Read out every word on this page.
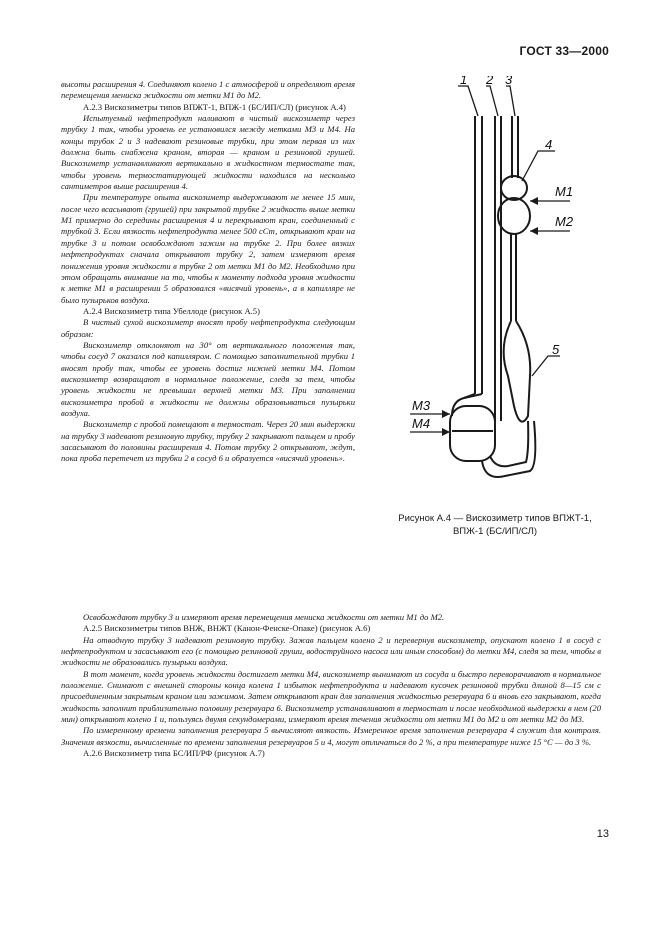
ГОСТ 33—2000

высоты расширения 4. Соединяют колено 1 с атмосферой и определяют время перемещения мениска жидкости от метки M1 до M2.

А.2.3 Вискозиметры типов ВПЖТ-1, ВПЖ-1 (БС/ИП/СЛ) (рисунок А.4)

Испытуемый нефтепродукт наливают в чистый вискозиметр через трубку 1 так, чтобы уровень ее установился между метками M3 и M4. На концы трубок 2 и 3 надевают резиновые трубки, при этом первая из них должна быть снабжена краном, вторая — краном и резиновой грушей. Вискозиметр устанавливают вертикально в жидкостном термостате так, чтобы уровень термостатирующей жидкости находился на несколько сантиметров выше расширения 4.

При температуре опыта вискозиметр выдерживают не менее 15 мин, после чего всасывают (грушей) при закрытой трубке 2 жидкость выше метки M1 примерно до середины расширения 4 и перекрывают кран, соединенный с трубкой 3. Если вязкость нефтепродукта менее 500 сСт, открывают кран на трубке 3 и потом освобождают зажим на трубке 2. При более вязких нефтепродуктах сначала открывают трубку 2, затем измеряют время понижения уровня жидкости в трубке 2 от метки M1 до M2. Необходимо при этом обращать внимание на то, чтобы к моменту подхода уровня жидкости к метке M1 в расширении 5 образовался «висячий уровень», а в капилляре не было пузырьков воздуха.

А.2.4 Вискозиметр типа Убеллоде (рисунок А.5)

В чистый сухой вискозиметр вносят пробу нефтепродукта следующим образом:

Вискозиметр отклоняют на 30° от вертикального положения так, чтобы сосуд 7 оказался под капилляром. С помощью заполнительной трубки 1 вносят пробу так, чтобы ее уровень достиг нижней метки M4. Потом вискозиметр возвращают в нормальное положение, следя за тем, чтобы уровень жидкости не превышал верхней метки M3. При заполнении вискозиметра пробой в жидкости не должны образовываться пузырьки воздуха.

Вискозиметр с пробой помещают в термостат. Через 20 мин выдержки на трубку 3 надевают резиновую трубку, трубку 2 закрывают пальцем и пробу засасывают до половины расширения 4. Потом трубку 2 открывают, ждут, пока проба перетечет из трубки 2 в сосуд 6 и образуется «висячий уровень».

1 2 3
4
5
M1
M2
M3
M4
Рисунок А.4 — Вискозиметр типов ВПЖТ-1,
ВПЖ-1 (БС/ИП/СЛ)

Освобождают трубку 3 и измеряют время перемещения мениска жидкости от метки M1 до M2.

А.2.5 Вискозиметры типов ВНЖ, ВНЖТ (Канон-Фенске-Опаке) (рисунок А.6)

На отводную трубку 3 надевают резиновую трубку. Зажав пальцем колено 2 и перевернув вискозиметр, опускают колено 1 в сосуд с нефтепродуктом и засасывают его (с помощью резиновой груши, водоструйного насоса или иным способом) до метки M4, следя за тем, чтобы в жидкости не образовались пузырьки воздуха.

В тот момент, когда уровень жидкости достигает метки M4, вискозиметр вынимают из сосуда и быстро переворачивают в нормальное положение. Снимают с внешней стороны конца колена 1 избыток нефтепродукта и надевают кусочек резиновой трубки длиной 8—15 см с присоединенным закрытым краном или зажимом. Затем открывают кран для заполнения жидкостью резервуара 6 и вновь его закрывают, когда жидкость заполнит приблизительно половину резервуара 6. Вискозиметр устанавливают в термостат и после необходимой выдержки в нем (20 мин) открывают колено 1 и, пользуясь двумя секундомерами, измеряют время течения жидкости от метки M1 до M2 и от метки M2 до M3.

По измеренному времени заполнения резервуара 5 вычисляют вязкость. Измеренное время заполнения резервуара 4 служит для контроля. Значения вязкости, вычисленные по времени заполнения резервуаров 5 и 4, могут отличаться до 2 %, а при температуре ниже 15 °С — до 3 %.

А.2.6 Вискозиметр типа БС/ИП/РФ (рисунок А.7)

13
